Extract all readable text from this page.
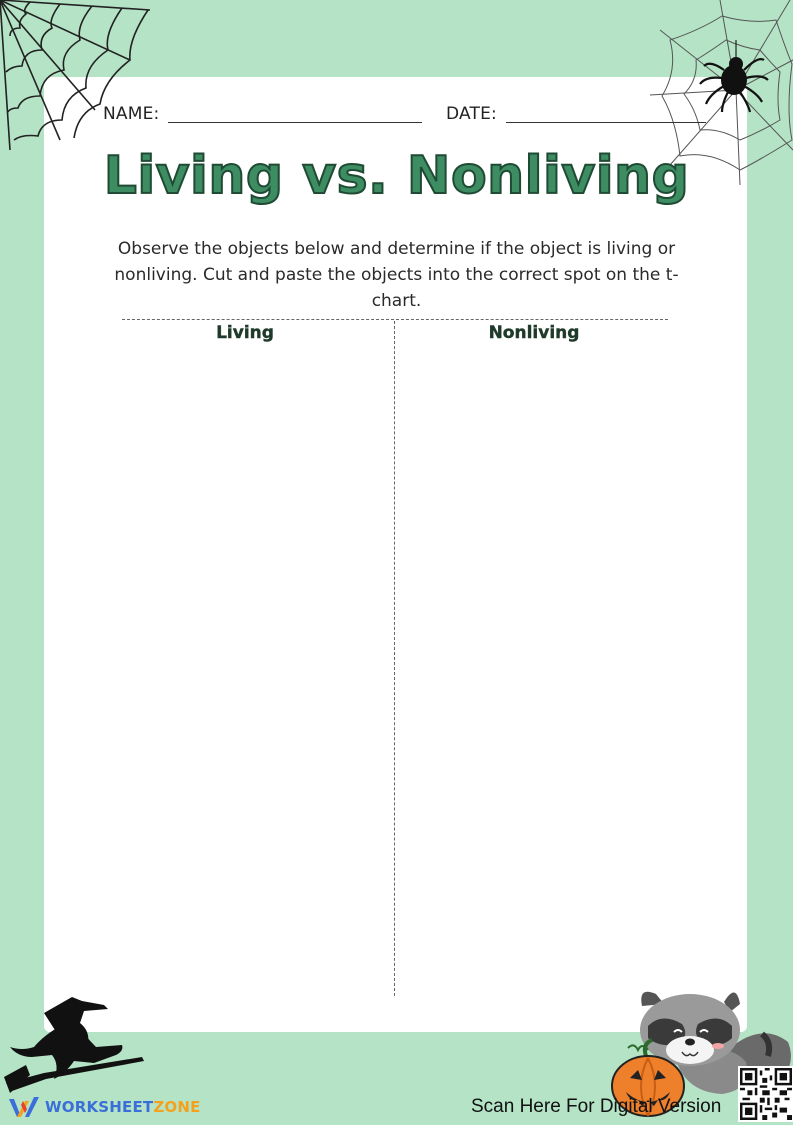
NAME:	DATE:
Living vs. Nonliving
Observe the objects below and determine if the object is living or nonliving. Cut and paste the objects into the correct spot on the t-chart.
Living	Nonliving
Scan Here For Digital Version
WORKSHEETZONE
